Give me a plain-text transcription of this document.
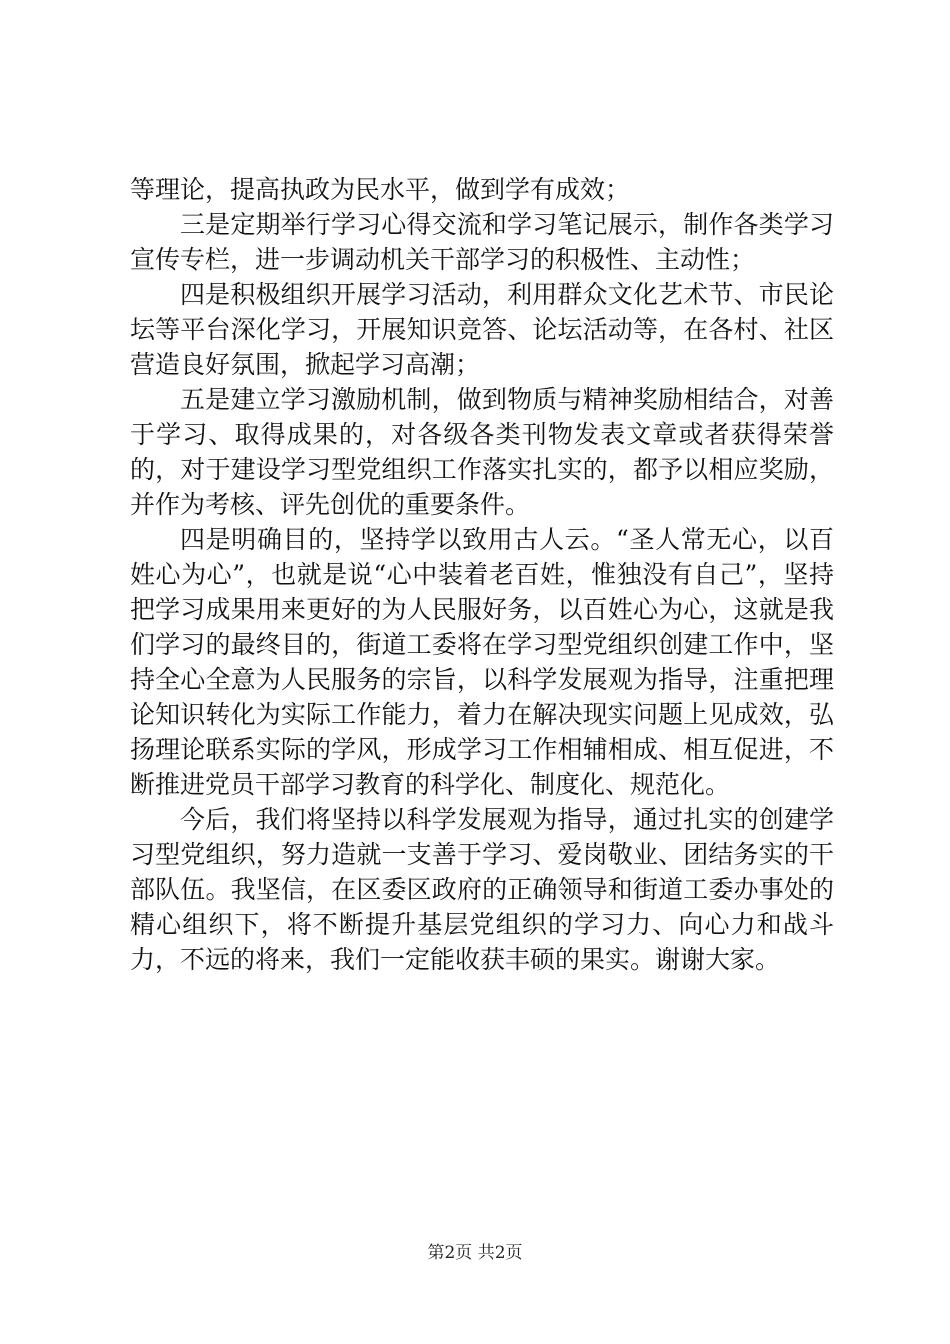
等理论，提高执政为民水平，做到学有成效；

三是定期举行学习心得交流和学习笔记展示，制作各类学习宣传专栏，进一步调动机关干部学习的积极性、主动性；

四是积极组织开展学习活动，利用群众文化艺术节、市民论坛等平台深化学习，开展知识竞答、论坛活动等，在各村、社区营造良好氛围，掀起学习高潮；

五是建立学习激励机制，做到物质与精神奖励相结合，对善于学习、取得成果的，对各级各类刊物发表文章或者获得荣誉的，对于建设学习型党组织工作落实扎实的，都予以相应奖励，并作为考核、评先创优的重要条件。

四是明确目的，坚持学以致用古人云。“圣人常无心，以百姓心为心”，也就是说“心中装着老百姓，惟独没有自己”，坚持把学习成果用来更好的为人民服好务，以百姓心为心，这就是我们学习的最终目的，街道工委将在学习型党组织创建工作中，坚持全心全意为人民服务的宗旨，以科学发展观为指导，注重把理论知识转化为实际工作能力，着力在解决现实问题上见成效，弘扬理论联系实际的学风，形成学习工作相辅相成、相互促进，不断推进党员干部学习教育的科学化、制度化、规范化。

今后，我们将坚持以科学发展观为指导，通过扎实的创建学习型党组织，努力造就一支善于学习、爱岗敬业、团结务实的干部队伍。我坚信，在区委区政府的正确领导和街道工委办事处的精心组织下，将不断提升基层党组织的学习力、向心力和战斗力，不远的将来，我们一定能收获丰硕的果实。谢谢大家。

第2页 共2页
